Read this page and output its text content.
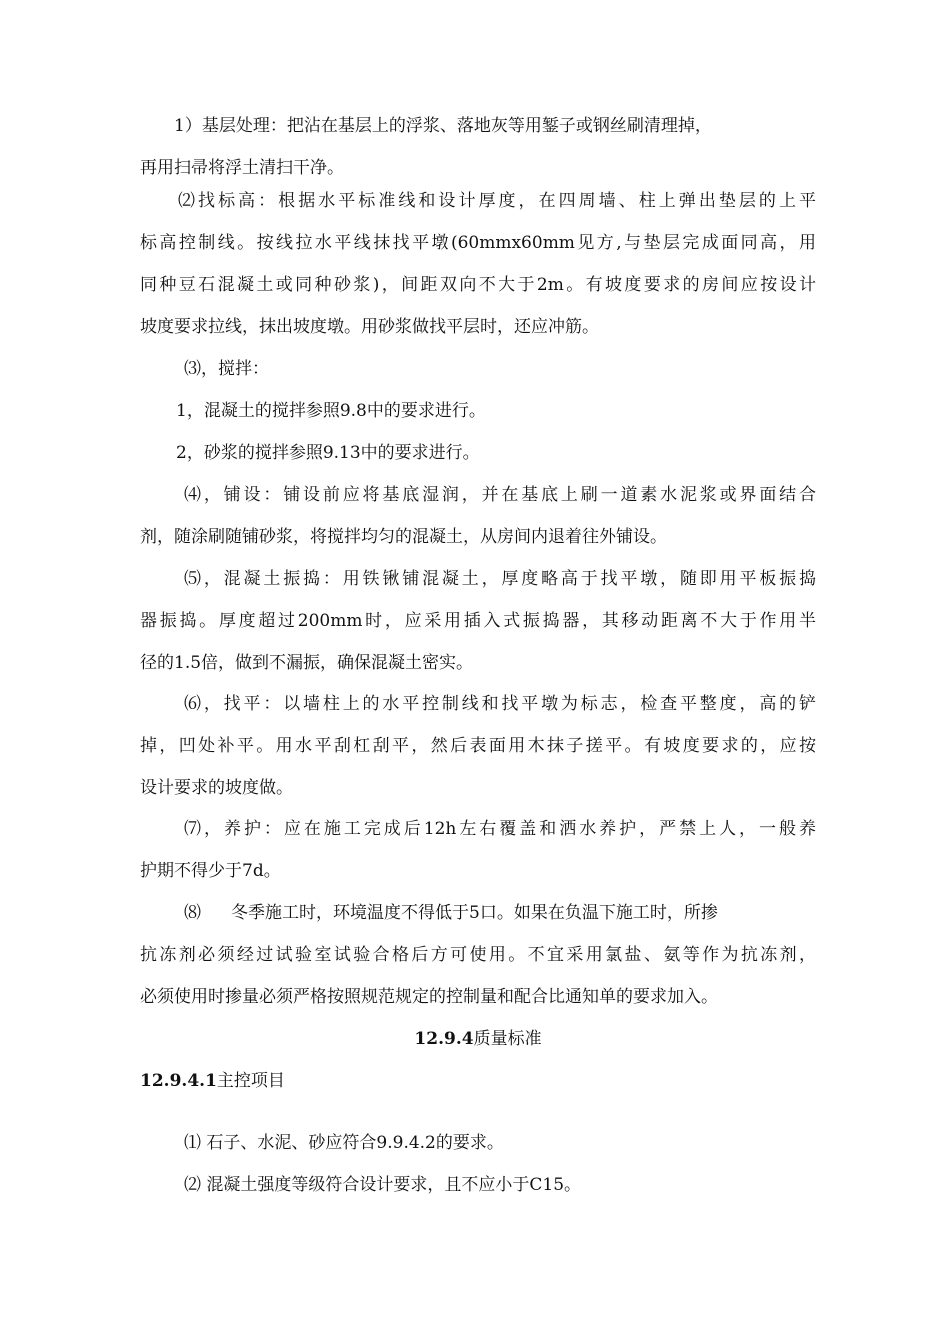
1）基层处理：把沾在基层上的浮浆、落地灰等用錾子或钢丝刷清理掉，
再用扫帚将浮土清扫干净。
⑵找标高：根据水平标准线和设计厚度，在四周墙、柱上弹出垫层的上平
标高控制线。按线拉水平线抹找平墩(60mmx60mm见方,与垫层完成面同高，用
同种豆石混凝土或同种砂浆)，间距双向不大于2m。有坡度要求的房间应按设计
坡度要求拉线，抹出坡度墩。用砂浆做找平层时，还应冲筋。
⑶，搅拌：
1，混凝土的搅拌参照9.8中的要求进行。
2，砂浆的搅拌参照9.13中的要求进行。
⑷，铺设：铺设前应将基底湿润，并在基底上刷一道素水泥浆或界面结合
剂，随涂刷随铺砂浆，将搅拌均匀的混凝土，从房间内退着往外铺设。
⑸，混凝土振捣：用铁锹铺混凝土，厚度略高于找平墩，随即用平板振捣
器振捣。厚度超过200mm时，应采用插入式振捣器，其移动距离不大于作用半
径的1.5倍，做到不漏振，确保混凝土密实。
⑹，找平：以墙柱上的水平控制线和找平墩为标志，检查平整度，高的铲
掉，凹处补平。用水平刮杠刮平，然后表面用木抹子搓平。有坡度要求的，应按
设计要求的坡度做。
⑺，养护：应在施工完成后12h左右覆盖和洒水养护，严禁上人，一般养
护期不得少于7d。
⑻ 冬季施工时，环境温度不得低于5口。如果在负温下施工时，所掺
抗冻剂必须经过试验室试验合格后方可使用。不宜采用氯盐、氨等作为抗冻剂，
必须使用时掺量必须严格按照规范规定的控制量和配合比通知单的要求加入。
12.9.4质量标准
12.9.4.1主控项目
⑴ 石子、水泥、砂应符合9.9.4.2的要求。
⑵ 混凝土强度等级符合设计要求，且不应小于C15。
